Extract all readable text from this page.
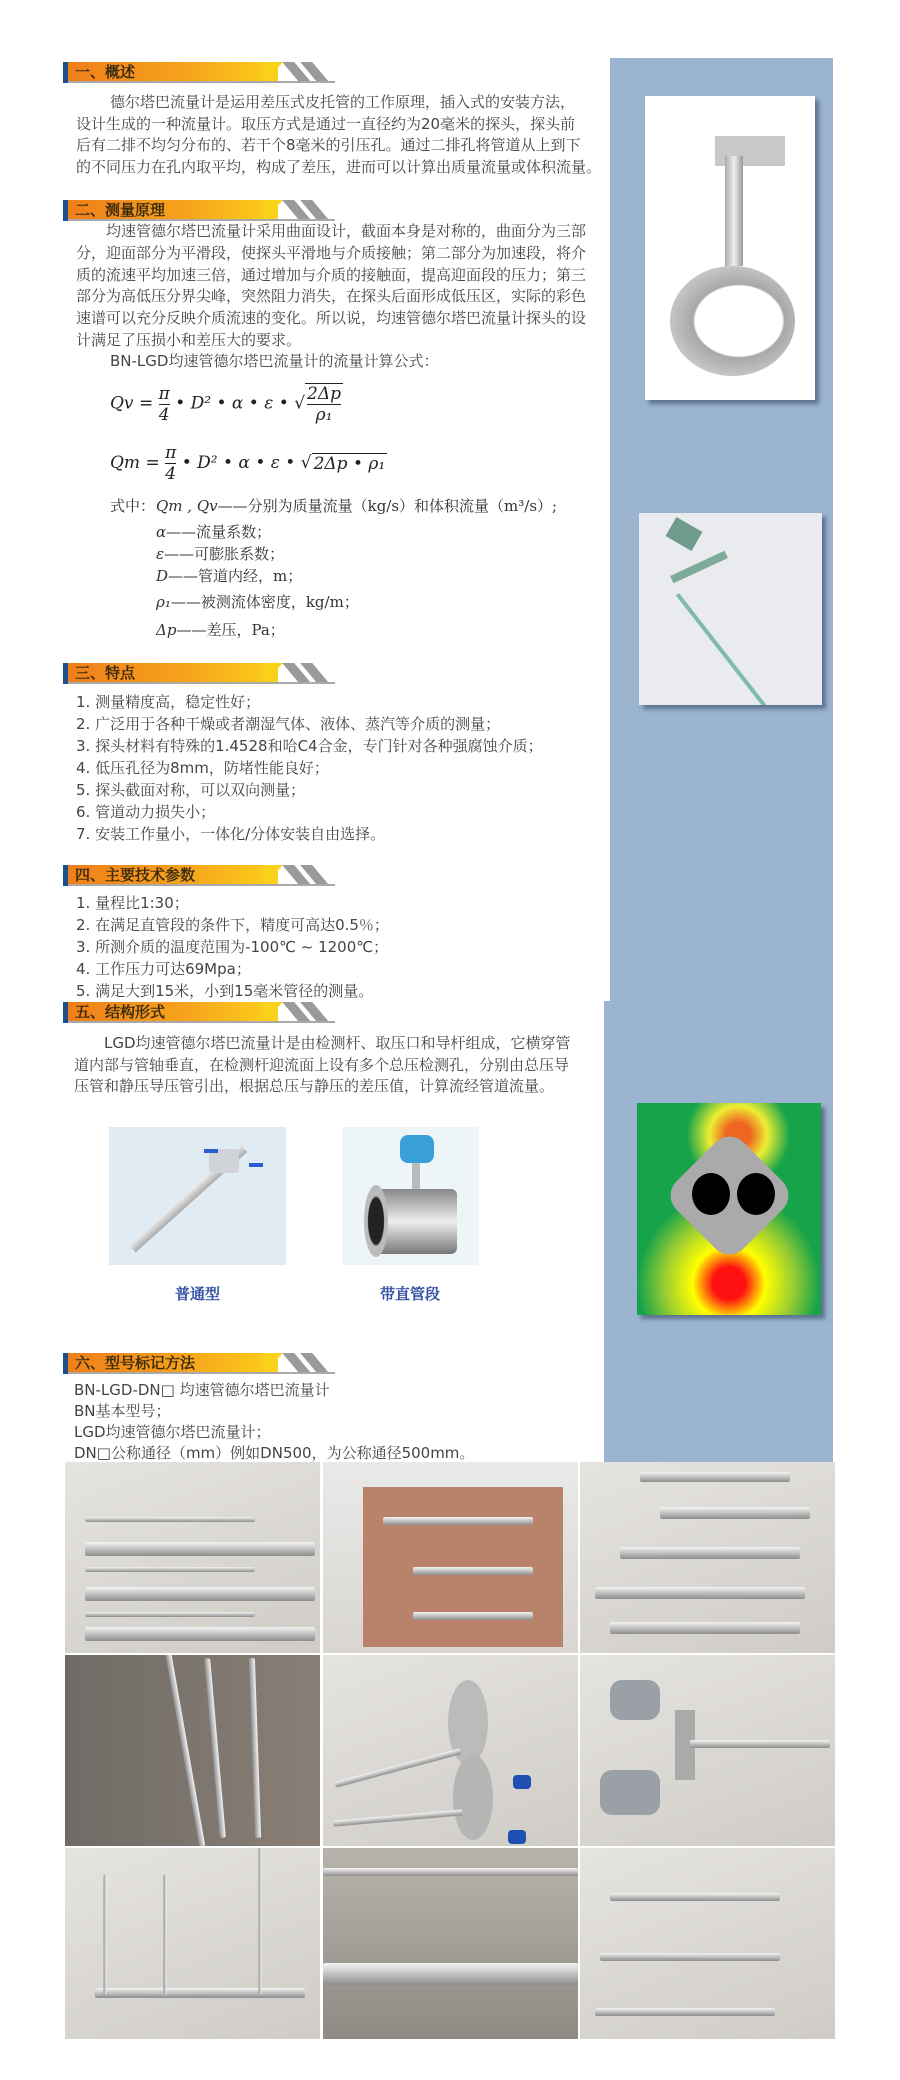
一、概述
二、测量原理
三、特点
四、主要技术参数
五、结构形式
六、型号标记方法
德尔塔巴流量计是运用差压式皮托管的工作原理，插入式的安装方法，
设计生成的一种流量计。取压方式是通过一直径约为20毫米的探头，探头前
后有二排不均匀分布的、若干个8毫米的引压孔。通过二排孔将管道从上到下
的不同压力在孔内取平均，构成了差压，进而可以计算出质量流量或体积流量。
均速管德尔塔巴流量计采用曲面设计，截面本身是对称的，曲面分为三部
分，迎面部分为平滑段，使探头平滑地与介质接触；第二部分为加速段，将介
质的流速平均加速三倍，通过增加与介质的接触面，提高迎面段的压力；第三
部分为高低压分界尖峰，突然阻力消失，在探头后面形成低压区，实际的彩色
速谱可以充分反映介质流速的变化。所以说，均速管德尔塔巴流量计探头的设
计满足了压损小和差压大的要求。
BN-LGD均速管德尔塔巴流量计的流量计算公式：
$Qv = \frac{\pi}{4}$ • D² • α • ε • √ $\frac{2\Delta p}{\text{ρ₁}}$
$Qm = \frac{\pi}{4}$ • D² • α • ε • √ 2Δp • ρ₁
式中： Qm , Qv——分别为质量流量（kg/s）和体积流量（m³/s）;
α——流量系数；
ε——可膨胀系数；
D——管道内经，m；
ρ₁——被测流体密度，kg/m；
Δp——差压，Pa；
1. 测量精度高，稳定性好；
2. 广泛用于各种干燥或者潮湿气体、液体、蒸汽等介质的测量；
3. 探头材料有特殊的1.4528和哈C4合金，专门针对各种强腐蚀介质；
4. 低压孔径为8mm，防堵性能良好；
5. 探头截面对称，可以双向测量；
6. 管道动力损失小；
7. 安装工作量小，一体化/分体安装自由选择。
1. 量程比1:30；
2. 在满足直管段的条件下，精度可高达0.5％；
3. 所测介质的温度范围为-100℃ ~ 1200℃；
4. 工作压力可达69Mpa；
5. 满足大到15米，小到15毫米管径的测量。
LGD均速管德尔塔巴流量计是由检测杆、取压口和导杆组成，它横穿管
道内部与管轴垂直，在检测杆迎流面上设有多个总压检测孔，分别由总压导
压管和静压导压管引出，根据总压与静压的差压值，计算流经管道流量。
普通型	带直管段
BN-LGD-DN□ 均速管德尔塔巴流量计
BN基本型号；
LGD均速管德尔塔巴流量计；
DN□公称通径（mm）例如DN500，为公称通径500mm。
